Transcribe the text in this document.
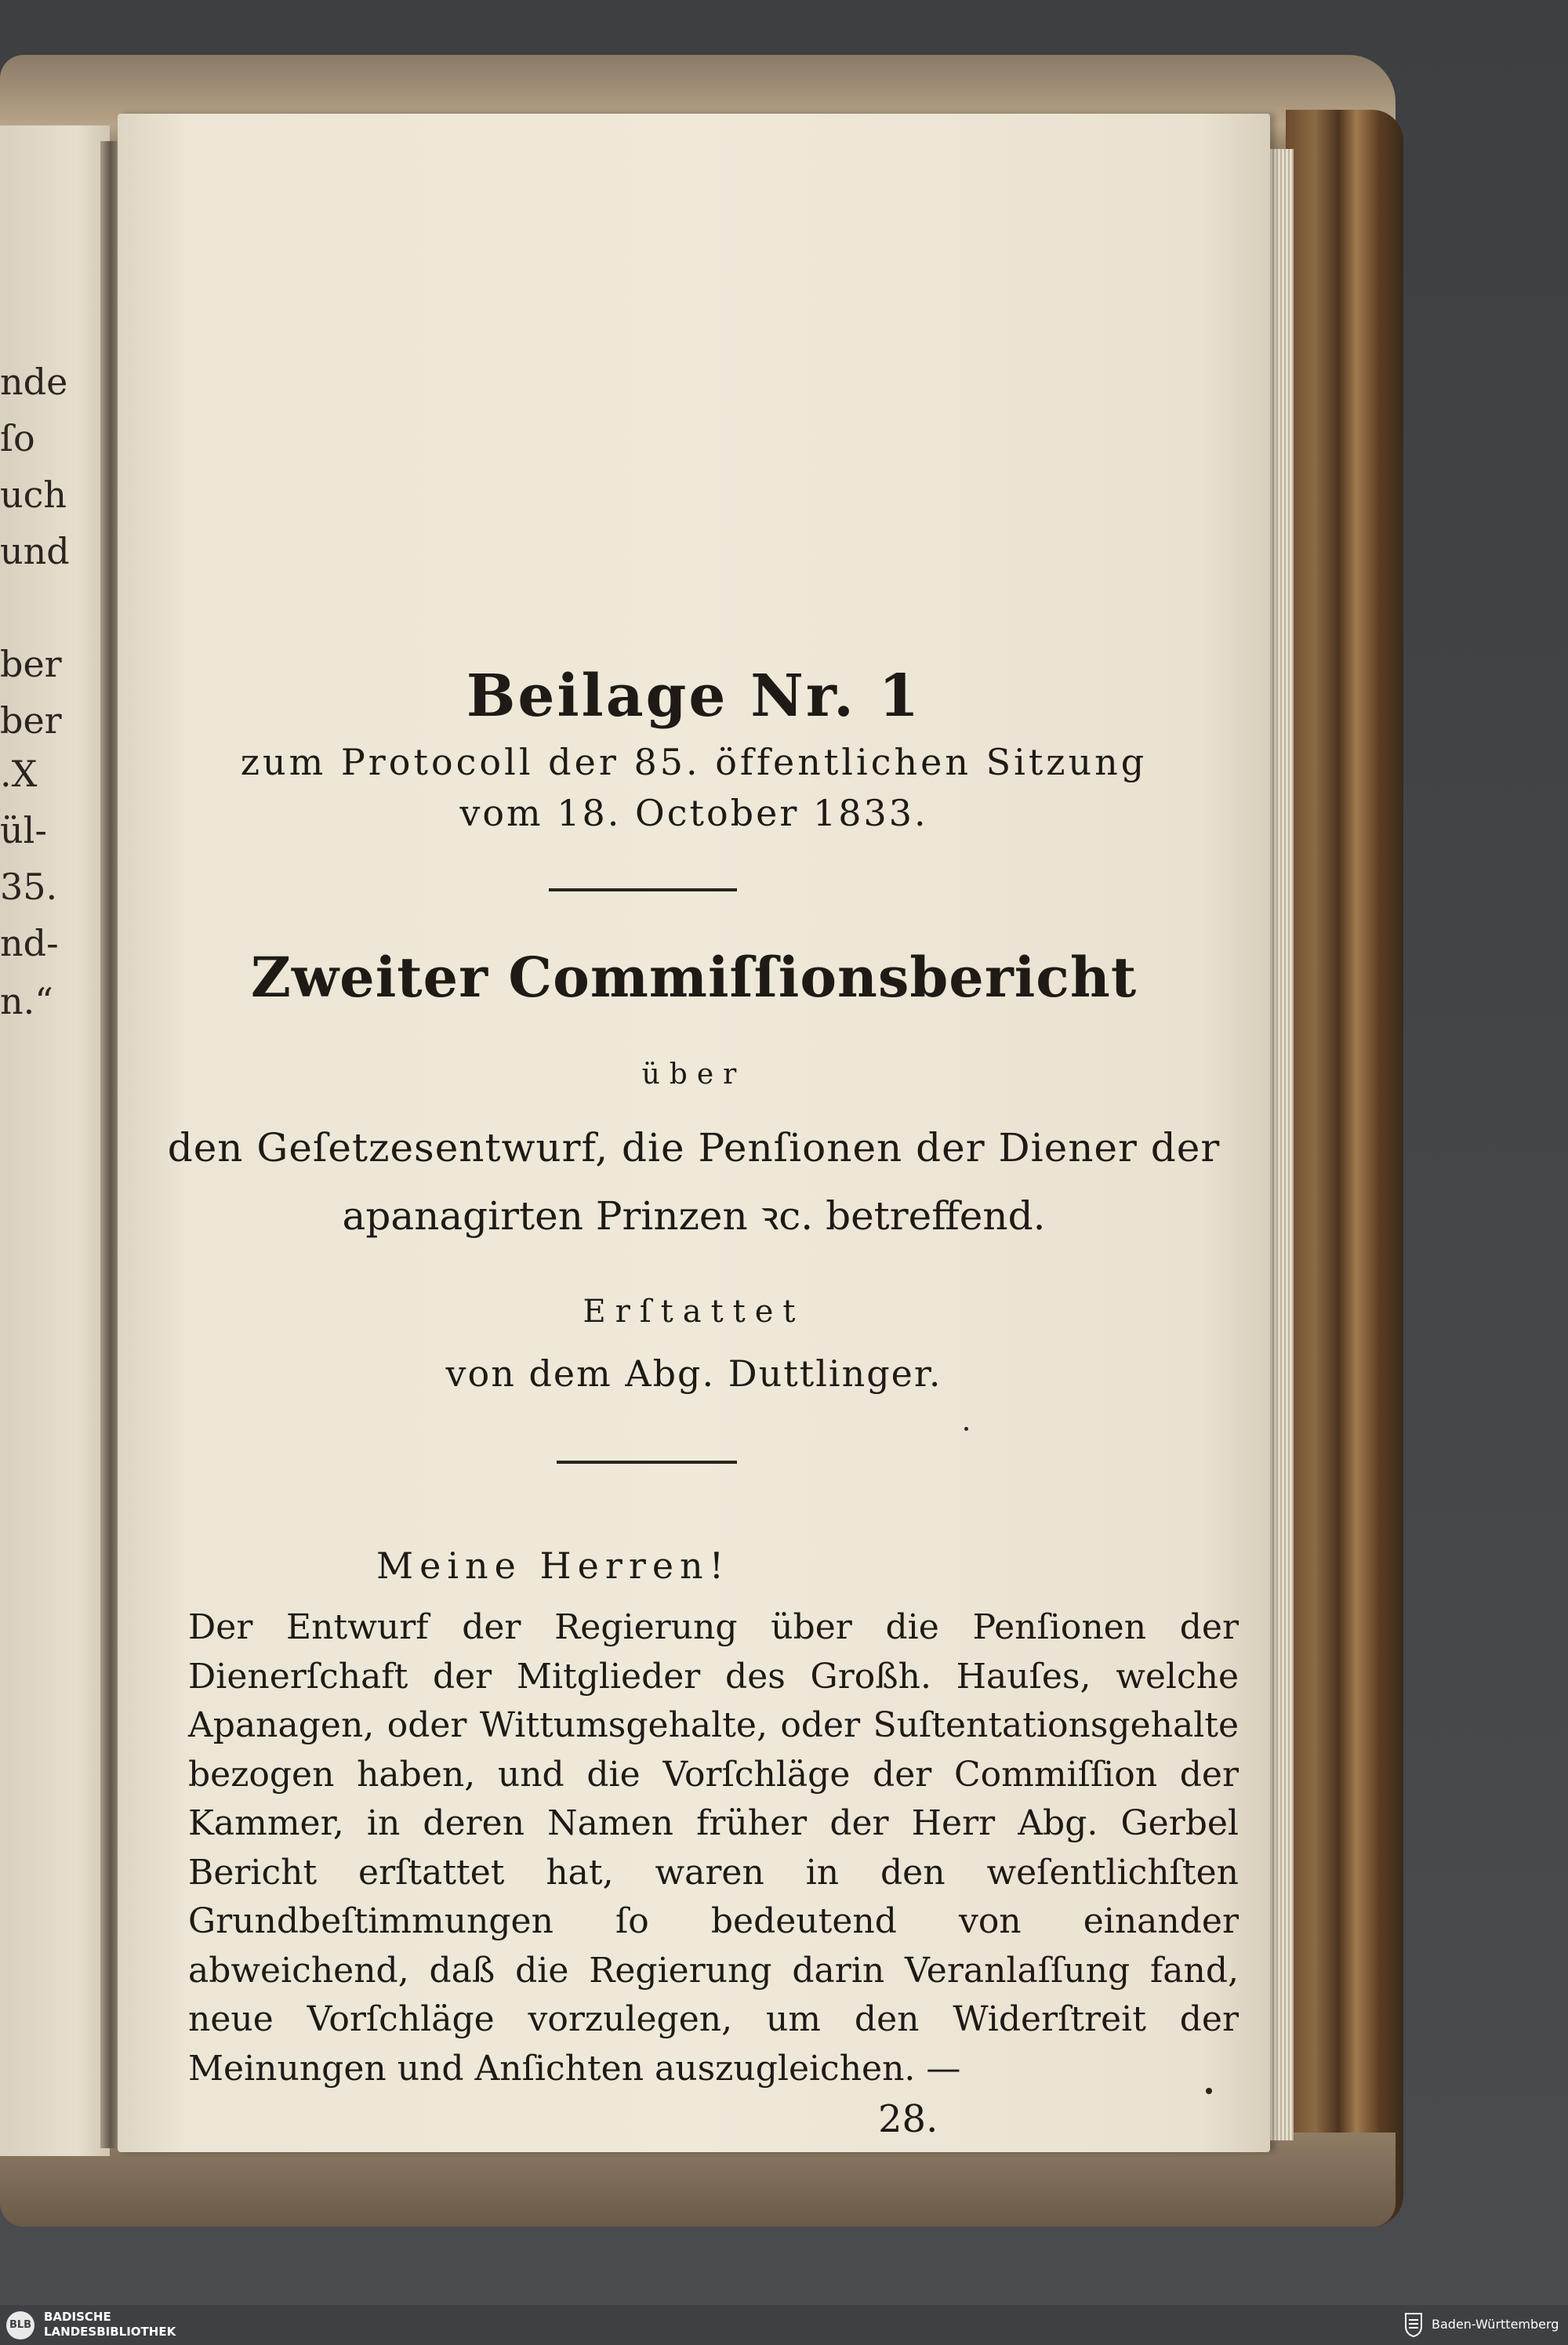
nde
ſo
uch
und
ber
ber
.X
ül-
35.
nd-
n.“

Beilage Nr. 1

zum Protocoll der 85. öffentlichen Sitzung

vom 18. October 1833.

Zweiter Commiſſionsbericht

über

den Geſetzesentwurf, die Penſionen der Diener der

apanagirten Prinzen ꝛc. betreffend.

Erſtattet

von dem Abg. Duttlinger.

Meine Herren!

Der Entwurf der Regierung über die Penſionen der Dienerſchaft der Mitglieder des Großh. Hauſes, welche Apanagen, oder Wittumsgehalte, oder Suſtentationsgehalte bezogen haben, und die Vorſchläge der Commiſſion der Kammer, in deren Namen früher der Herr Abg. Gerbel Bericht erſtattet hat, waren in den weſentlichſten Grundbeſtimmungen ſo bedeutend von einander abweichend, daß die Regierung darin Veranlaſſung fand, neue Vorſchläge vorzulegen, um den Widerſtreit der Meinungen und Anſichten auszugleichen. —

28.

BLB

BADISCHE
LANDESBIBLIOTHEK	Baden-Württemberg
